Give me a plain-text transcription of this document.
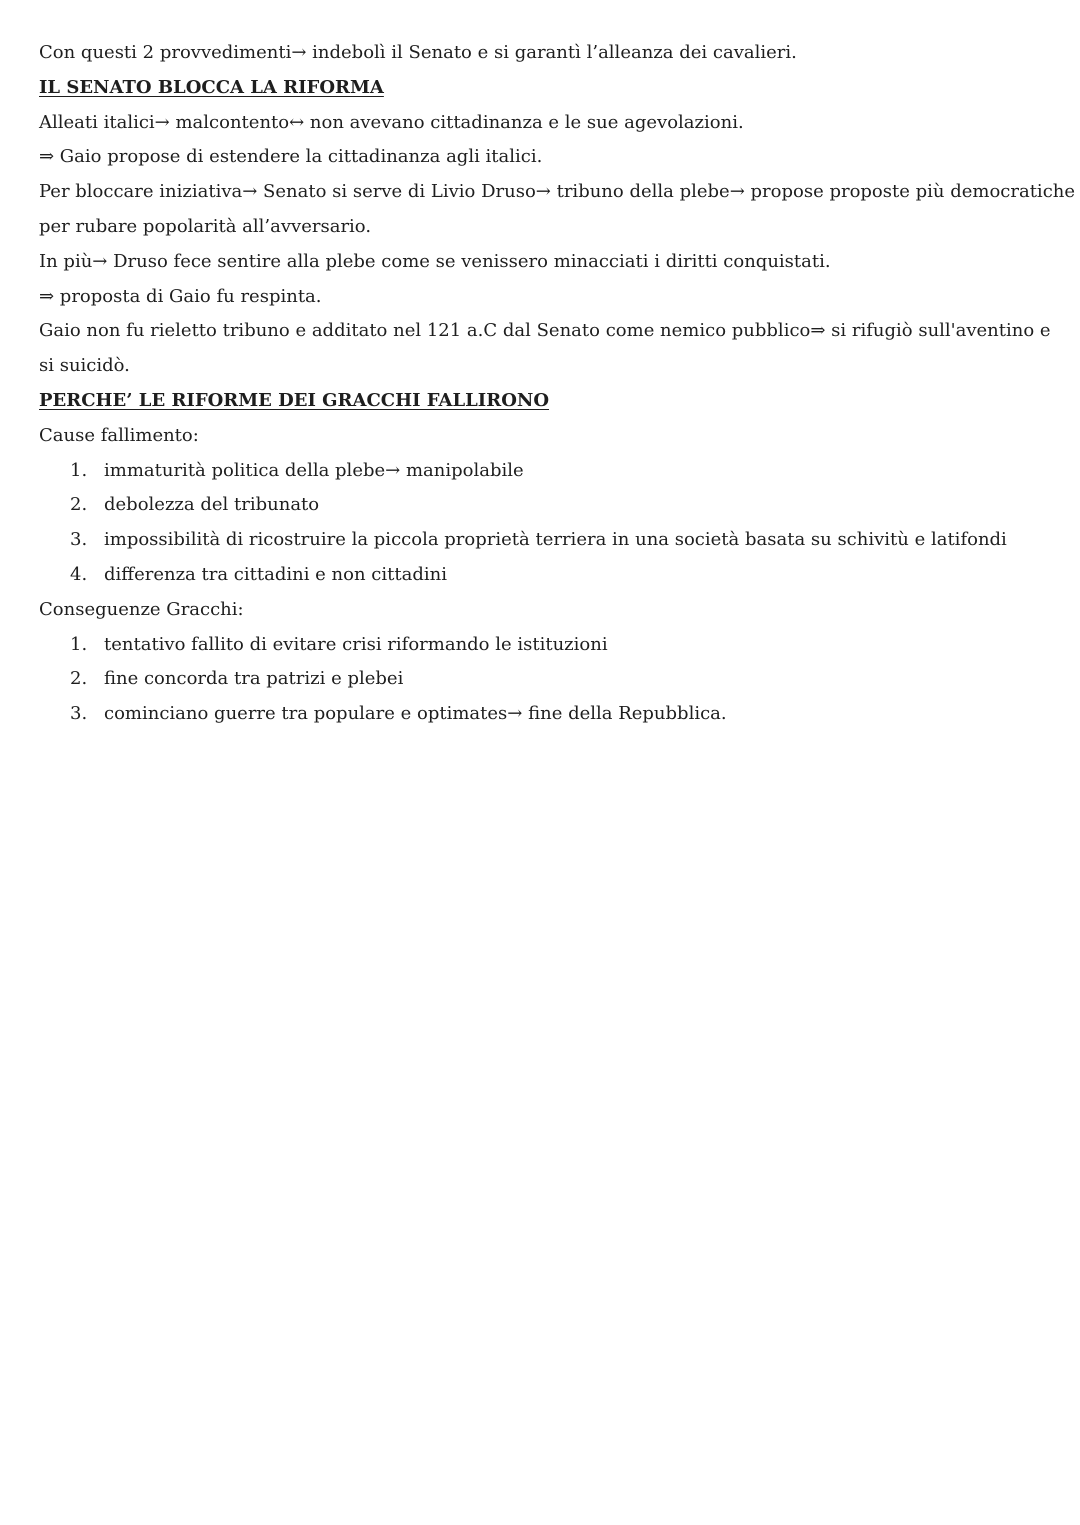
Con questi 2 provvedimenti→ indebolì il Senato e si garantì l’alleanza dei cavalieri.
IL SENATO BLOCCA LA RIFORMA
Alleati italici→ malcontento↔ non avevano cittadinanza e le sue agevolazioni.
⇒ Gaio propose di estendere la cittadinanza agli italici.
Per bloccare iniziativa→ Senato si serve di Livio Druso→ tribuno della plebe→ propose proposte più democratiche
per rubare popolarità all’avversario.
In più→ Druso fece sentire alla plebe come se venissero minacciati i diritti conquistati.
⇒ proposta di Gaio fu respinta.
Gaio non fu rieletto tribuno e additato nel 121 a.C dal Senato come nemico pubblico⇒ si rifugiò sull'aventino e
si suicidò.
PERCHE’ LE RIFORME DEI GRACCHI FALLIRONO
Cause fallimento:
1. immaturità politica della plebe→ manipolabile
2. debolezza del tribunato
3. impossibilità di ricostruire la piccola proprietà terriera in una società basata su schivitù e latifondi
4. differenza tra cittadini e non cittadini
Conseguenze Gracchi:
1. tentativo fallito di evitare crisi riformando le istituzioni
2. fine concorda tra patrizi e plebei
3. cominciano guerre tra populare e optimates→ fine della Repubblica.
